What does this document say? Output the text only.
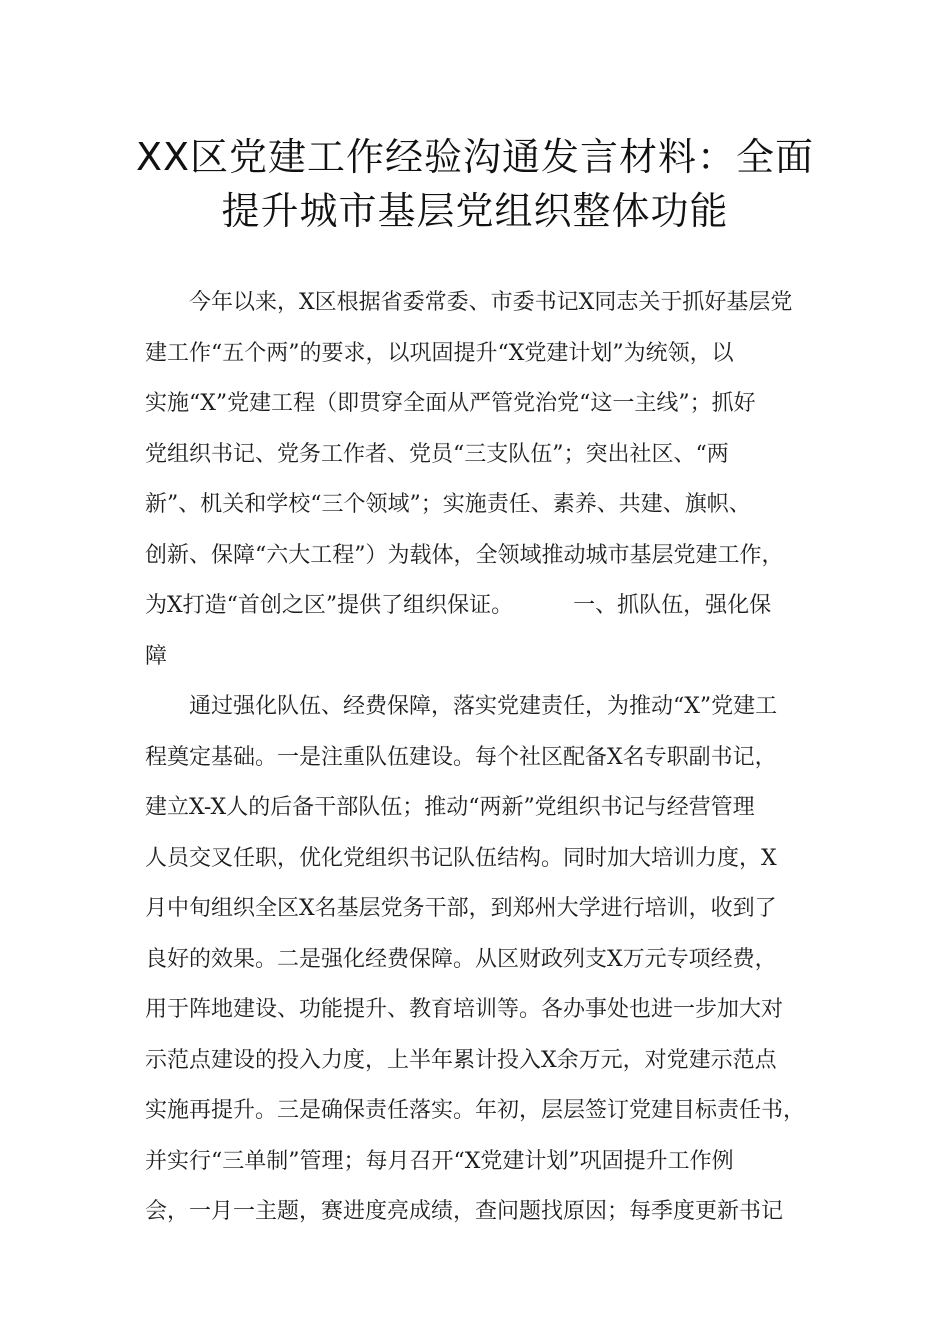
XX区党建工作经验沟通发言材料：全面
提升城市基层党组织整体功能
今年以来，X区根据省委常委、市委书记X同志关于抓好基层党
建工作“五个两”的要求，以巩固提升“X党建计划”为统领，以
实施“X”党建工程（即贯穿全面从严管党治党“这一主线”；抓好
党组织书记、党务工作者、党员“三支队伍”；突出社区、“两
新”、机关和学校“三个领域”；实施责任、素养、共建、旗帜、
创新、保障“六大工程”）为载体，全领域推动城市基层党建工作，
为X打造“首创之区”提供了组织保证。	一、抓队伍，强化保
障
通过强化队伍、经费保障，落实党建责任，为推动“X”党建工
程奠定基础。一是注重队伍建设。每个社区配备X名专职副书记，
建立X-X人的后备干部队伍；推动“两新”党组织书记与经营管理
人员交叉任职，优化党组织书记队伍结构。同时加大培训力度，X
月中旬组织全区X名基层党务干部，到郑州大学进行培训，收到了
良好的效果。二是强化经费保障。从区财政列支X万元专项经费，
用于阵地建设、功能提升、教育培训等。各办事处也进一步加大对
示范点建设的投入力度，上半年累计投入X余万元，对党建示范点
实施再提升。三是确保责任落实。年初，层层签订党建目标责任书，
并实行“三单制”管理；每月召开“X党建计划”巩固提升工作例
会，一月一主题，赛进度亮成绩，查问题找原因；每季度更新书记
